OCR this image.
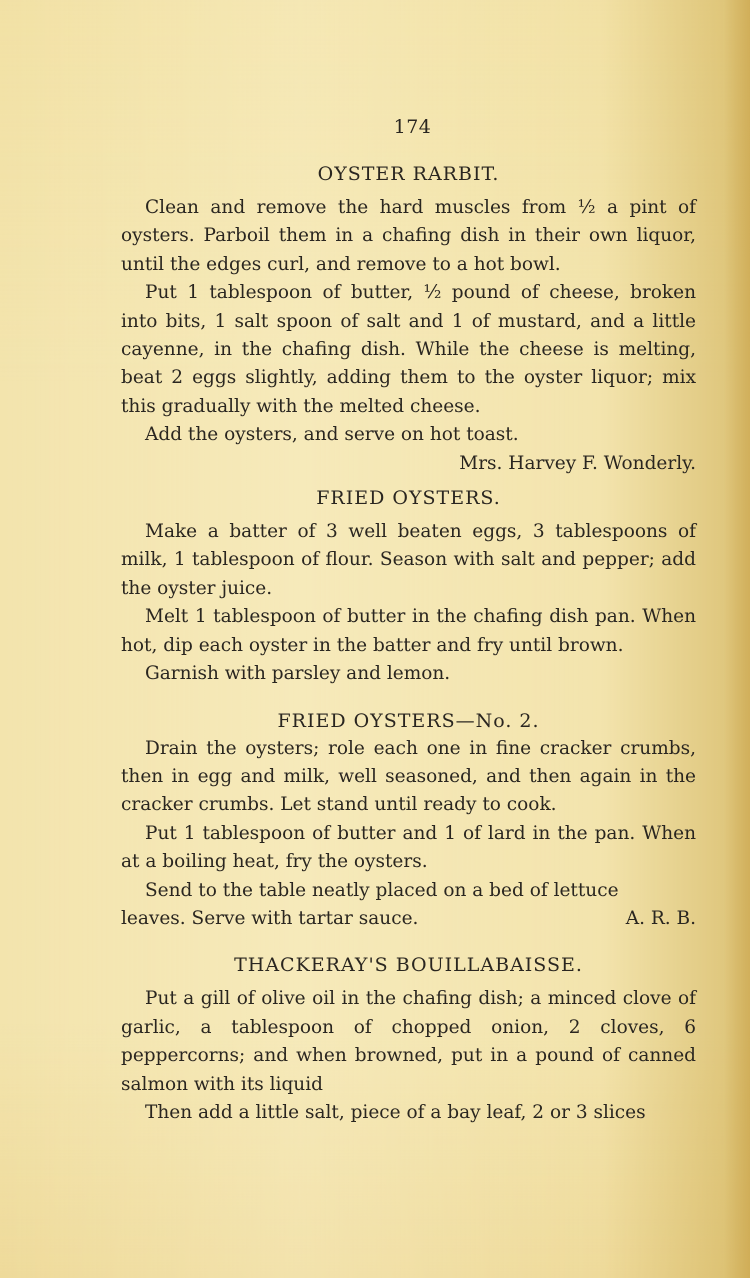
174
OYSTER RARBIT.

Clean and remove the hard muscles from ½ a pint of oysters. Parboil them in a chafing dish in their own liquor, until the edges curl, and remove to a hot bowl.

Put 1 tablespoon of butter, ½ pound of cheese, broken into bits, 1 salt spoon of salt and 1 of mustard, and a little cayenne, in the chafing dish. While the cheese is melting, beat 2 eggs slightly, adding them to the oyster liquor; mix this gradually with the melted cheese.

Add the oysters, and serve on hot toast.

Mrs. Harvey F. Wonderly.

FRIED OYSTERS.

Make a batter of 3 well beaten eggs, 3 tablespoons of milk, 1 tablespoon of flour. Season with salt and pepper; add the oyster juice.

Melt 1 tablespoon of butter in the chafing dish pan. When hot, dip each oyster in the batter and fry until brown.

Garnish with parsley and lemon.

FRIED OYSTERS—No. 2.

Drain the oysters; role each one in fine cracker crumbs, then in egg and milk, well seasoned, and then again in the cracker crumbs. Let stand until ready to cook.

Put 1 tablespoon of butter and 1 of lard in the pan. When at a boiling heat, fry the oysters.

Send to the table neatly placed on a bed of lettuce

leaves. Serve with tartar sauce.	A. R. B.
THACKERAY'S BOUILLABAISSE.

Put a gill of olive oil in the chafing dish; a minced clove of garlic, a tablespoon of chopped onion, 2 cloves, 6 peppercorns; and when browned, put in a pound of canned salmon with its liquid

Then add a little salt, piece of a bay leaf, 2 or 3 slices
